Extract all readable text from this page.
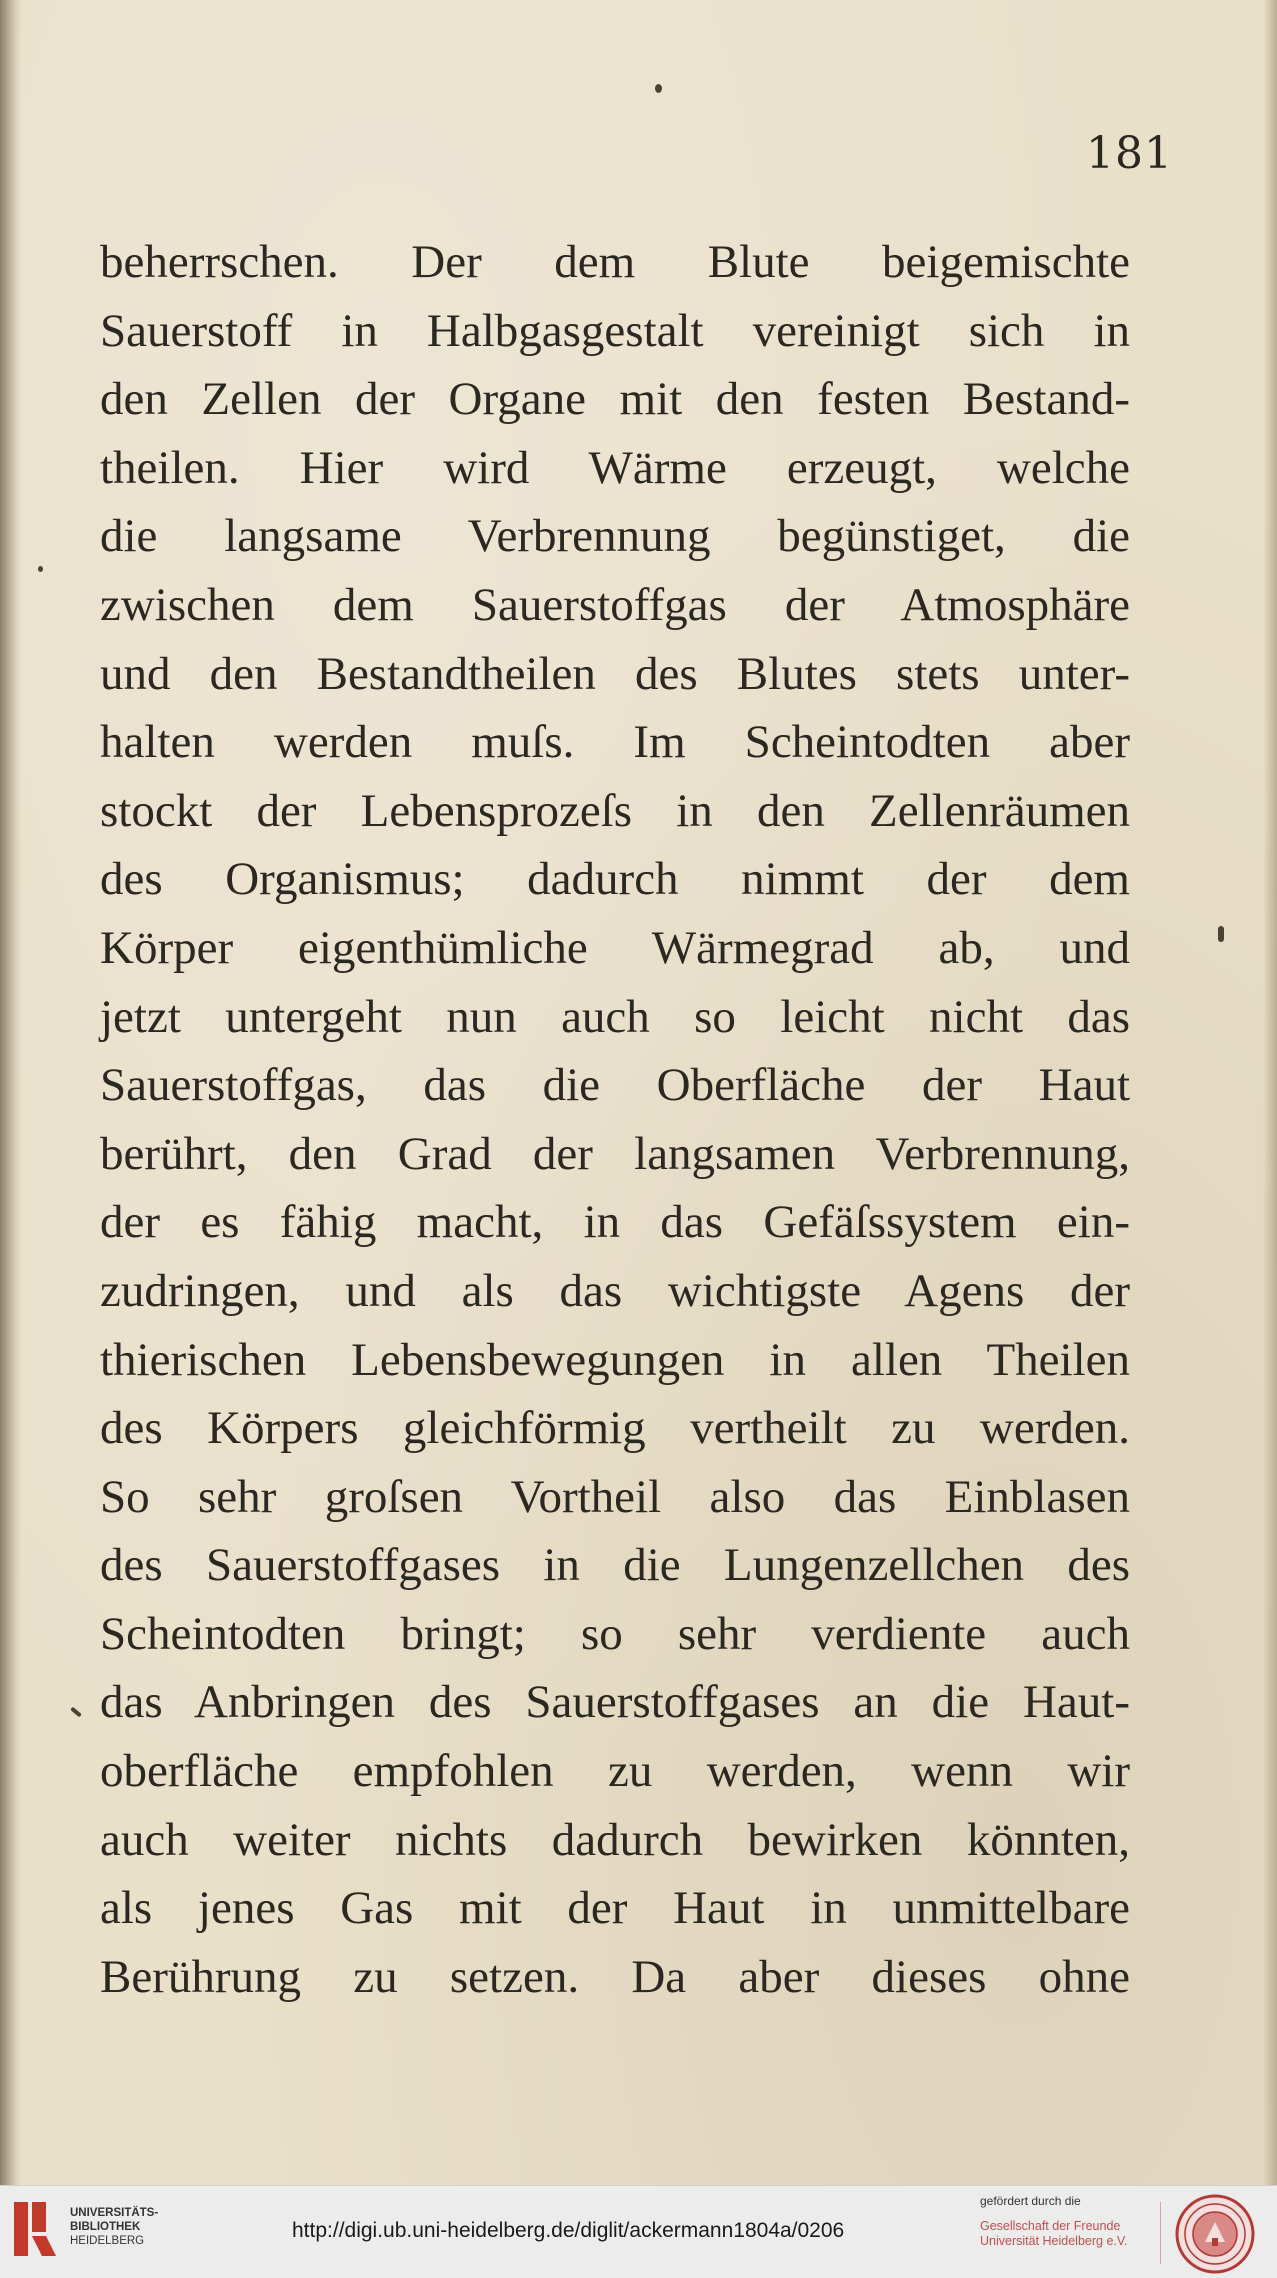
181
beherrschen. Der dem Blute beigemischte
Sauerstoff in Halbgasgestalt vereinigt sich in
den Zellen der Organe mit den festen Bestand-
theilen. Hier wird Wärme erzeugt, welche
die langsame Verbrennung begünstiget, die
zwischen dem Sauerstoffgas der Atmosphäre
und den Bestandtheilen des Blutes stets unter-
halten werden muſs. Im Scheintodten aber
stockt der Lebensprozeſs in den Zellenräumen
des Organismus; dadurch nimmt der dem
Körper eigenthümliche Wärmegrad ab, und
jetzt untergeht nun auch so leicht nicht das
Sauerstoffgas, das die Oberfläche der Haut
berührt, den Grad der langsamen Verbrennung,
der es fähig macht, in das Gefäſssystem ein-
zudringen, und als das wichtigste Agens der
thierischen Lebensbewegungen in allen Theilen
des Körpers gleichförmig vertheilt zu werden.
So sehr groſsen Vortheil also das Einblasen
des Sauerstoffgases in die Lungenzellchen des
Scheintodten bringt; so sehr verdiente auch
das Anbringen des Sauerstoffgases an die Haut-
oberfläche empfohlen zu werden, wenn wir
auch weiter nichts dadurch bewirken könnten,
als jenes Gas mit der Haut in unmittelbare
Berührung zu setzen. Da aber dieses ohne
UNIVERSITÄTS-
BIBLIOTHEK
HEIDELBERG	http://digi.ub.uni-heidelberg.de/diglit/ackermann1804a/0206
gefördert durch die
Gesellschaft der Freunde
Universität Heidelberg e.V.
